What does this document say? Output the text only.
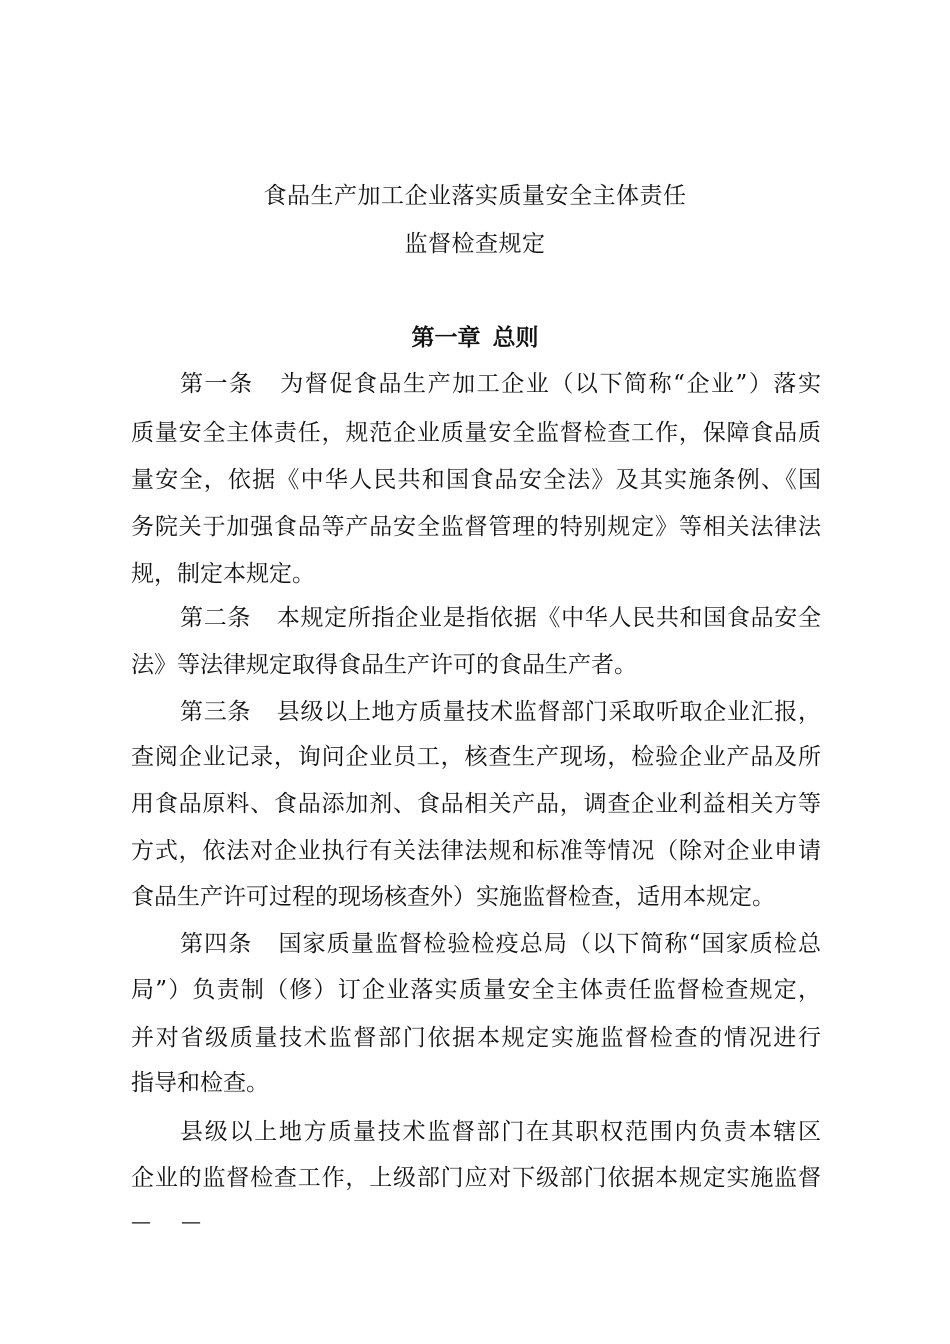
食品生产加工企业落实质量安全主体责任
监督检查规定
第一章 总则
第一条 为督促食品生产加工企业（以下简称“企业”）落实
质量安全主体责任，规范企业质量安全监督检查工作，保障食品质
量安全，依据《中华人民共和国食品安全法》及其实施条例、《国
务院关于加强食品等产品安全监督管理的特别规定》等相关法律法
规，制定本规定。
第二条 本规定所指企业是指依据《中华人民共和国食品安全
法》等法律规定取得食品生产许可的食品生产者。
第三条 县级以上地方质量技术监督部门采取听取企业汇报，
查阅企业记录，询问企业员工，核查生产现场，检验企业产品及所
用食品原料、食品添加剂、食品相关产品，调查企业利益相关方等
方式，依法对企业执行有关法律法规和标准等情况（除对企业申请
食品生产许可过程的现场核查外）实施监督检查，适用本规定。
第四条 国家质量监督检验检疫总局（以下简称“国家质检总
局”）负责制（修）订企业落实质量安全主体责任监督检查规定，
并对省级质量技术监督部门依据本规定实施监督检查的情况进行
指导和检查。
县级以上地方质量技术监督部门在其职权范围内负责本辖区
企业的监督检查工作，上级部门应对下级部门依据本规定实施监督
— —
